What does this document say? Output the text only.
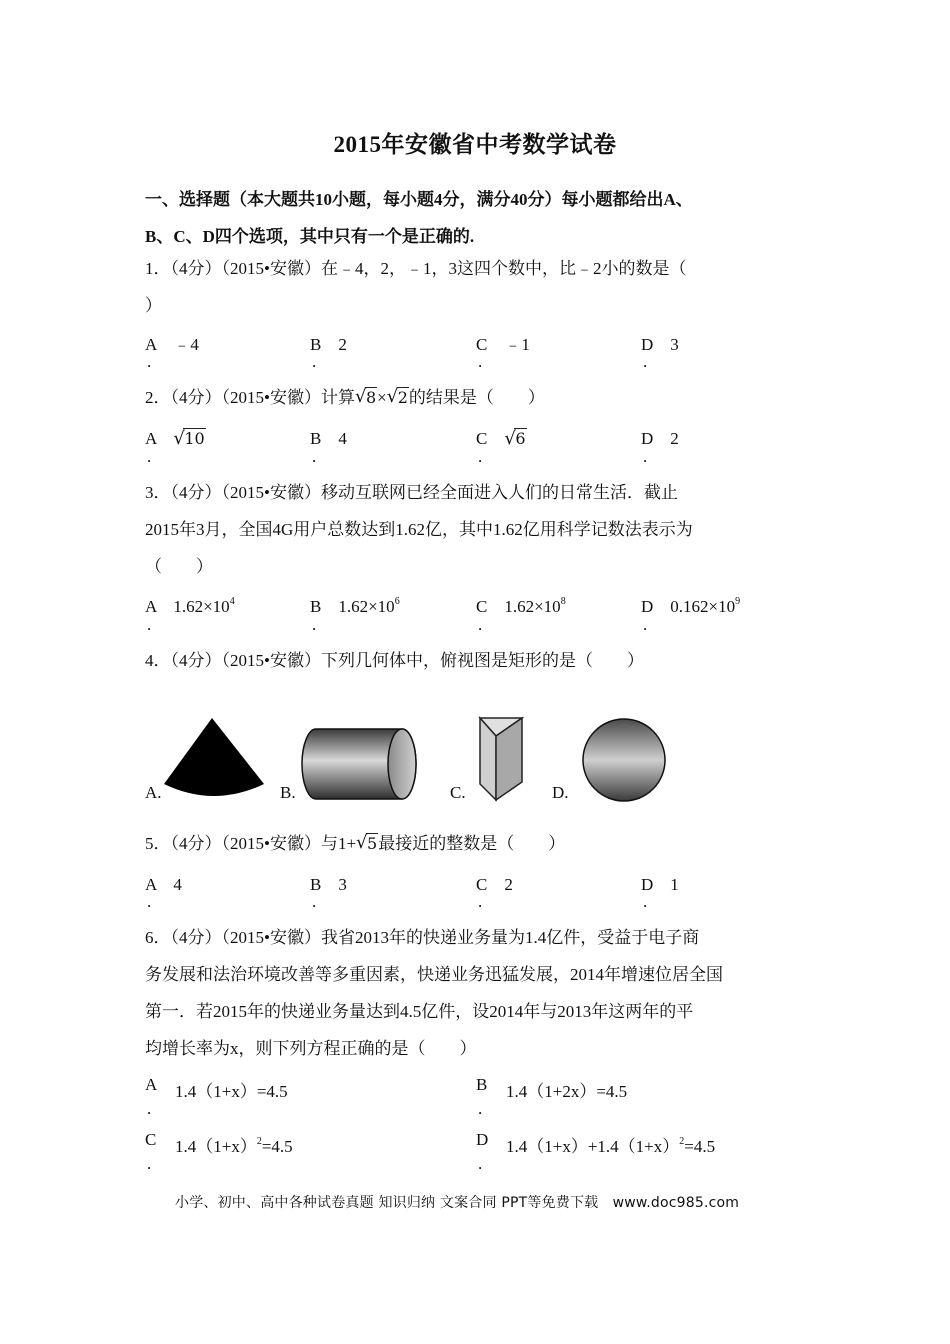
2015年安徽省中考数学试卷
一、选择题（本大题共10小题，每小题4分，满分40分）每小题都给出A、
B、C、D四个选项，其中只有一个是正确的.
1．（4分）（2015•安徽）在﹣4，2，﹣1，3这四个数中，比﹣2小的数是（
）
A　 ﹣4
.
B　 2
.
C　 ﹣1
.
D　 3
.
2．（4分）（2015•安徽）计算 √ 8× √ 2的结果是（　　）
A　 √ 10
.
B　 4
.
C　 √ 6
.
D　 2
.
3．（4分）（2015•安徽）移动互联网已经全面进入人们的日常生活．截止
2015年3月，全国4G用户总数达到1.62亿，其中1.62亿用科学记数法表示为
（　　）
A　 $1.62\times 10^4$
.
B　 $1.62\times 10^6$
.
C　 $1.62\times 10^8$
.
D　 $0.162\times 10^9$
.
4．（4分）（2015•安徽）下列几何体中，俯视图是矩形的是（　　）
A.	B.	C.	D.
5．（4分）（2015•安徽）与1+ √ 5最接近的整数是（　　）
A　 4
.
B　 3
.
C　 2
.
D　 1
.
6．（4分）（2015•安徽）我省2013年的快递业务量为1.4亿件，受益于电子商
务发展和法治环境改善等多重因素，快递业务迅猛发展，2014年增速位居全国
第一．若2015年的快递业务量达到4.5亿件，设2014年与2013年这两年的平
均增长率为x，则下列方程正确的是（　　）
A 1.4（1+x）=4.5
.
B 1.4（1+2x）=4.5
.
C $1.4(1+x)^2=4.5$
.
D $1.4(1+x)+1.4(1+x)^2=4.5$
.
小学、初中、高中各种试卷真题 知识归纳 文案合同 PPT等免费下载　www.doc985.com
